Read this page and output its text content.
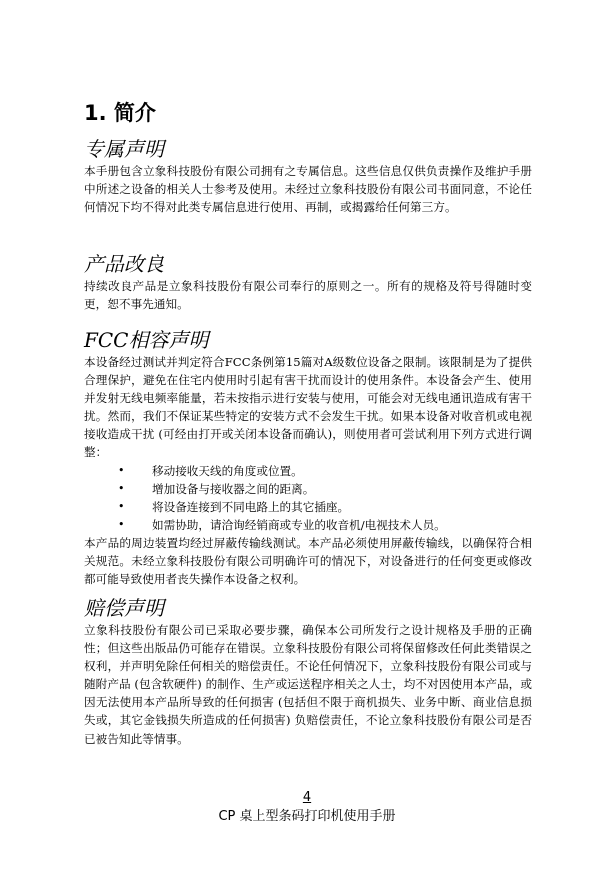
1. 简介
专属声明

本手册包含立象科技股份有限公司拥有之专属信息。这些信息仅供负责操作及维护手册中所述之设备的相关人士参考及使用。未经过立象科技股份有限公司书面同意，不论任何情况下均不得对此类专属信息进行使用、再制，或揭露给任何第三方。

产品改良

持续改良产品是立象科技股份有限公司奉行的原则之一。所有的规格及符号得随时变更，恕不事先通知。

FCC相容声明

本设备经过测试并判定符合FCC条例第15篇对A级数位设备之限制。该限制是为了提供合理保护，避免在住宅内使用时引起有害干扰而设计的使用条件。本设备会产生、使用并发射无线电频率能量，若未按指示进行安装与使用，可能会对无线电通讯造成有害干扰。然而，我们不保证某些特定的安装方式不会发生干扰。如果本设备对收音机或电视接收造成干扰 (可经由打开或关闭本设备而确认)，则使用者可尝试利用下列方式进行调整：

• 移动接收天线的角度或位置。
• 增加设备与接收器之间的距离。
• 将设备连接到不同电路上的其它插座。
• 如需协助，请洽询经销商或专业的收音机/电视技术人员。

本产品的周边装置均经过屏蔽传输线测试。本产品必须使用屏蔽传输线，以确保符合相关规范。未经立象科技股份有限公司明确许可的情况下，对设备进行的任何变更或修改都可能导致使用者丧失操作本设备之权利。

赔偿声明

立象科技股份有限公司已采取必要步骤，确保本公司所发行之设计规格及手册的正确性；但这些出版品仍可能存在错误。立象科技股份有限公司将保留修改任何此类错误之权利，并声明免除任何相关的赔偿责任。不论任何情况下，立象科技股份有限公司或与随附产品 (包含软硬件) 的制作、生产或运送程序相关之人士，均不对因使用本产品，或因无法使用本产品所导致的任何损害 (包括但不限于商机损失、业务中断、商业信息损失或，其它金钱损失所造成的任何损害) 负赔偿责任，不论立象科技股份有限公司是否已被告知此等情事。

4
CP 桌上型条码打印机使用手册
